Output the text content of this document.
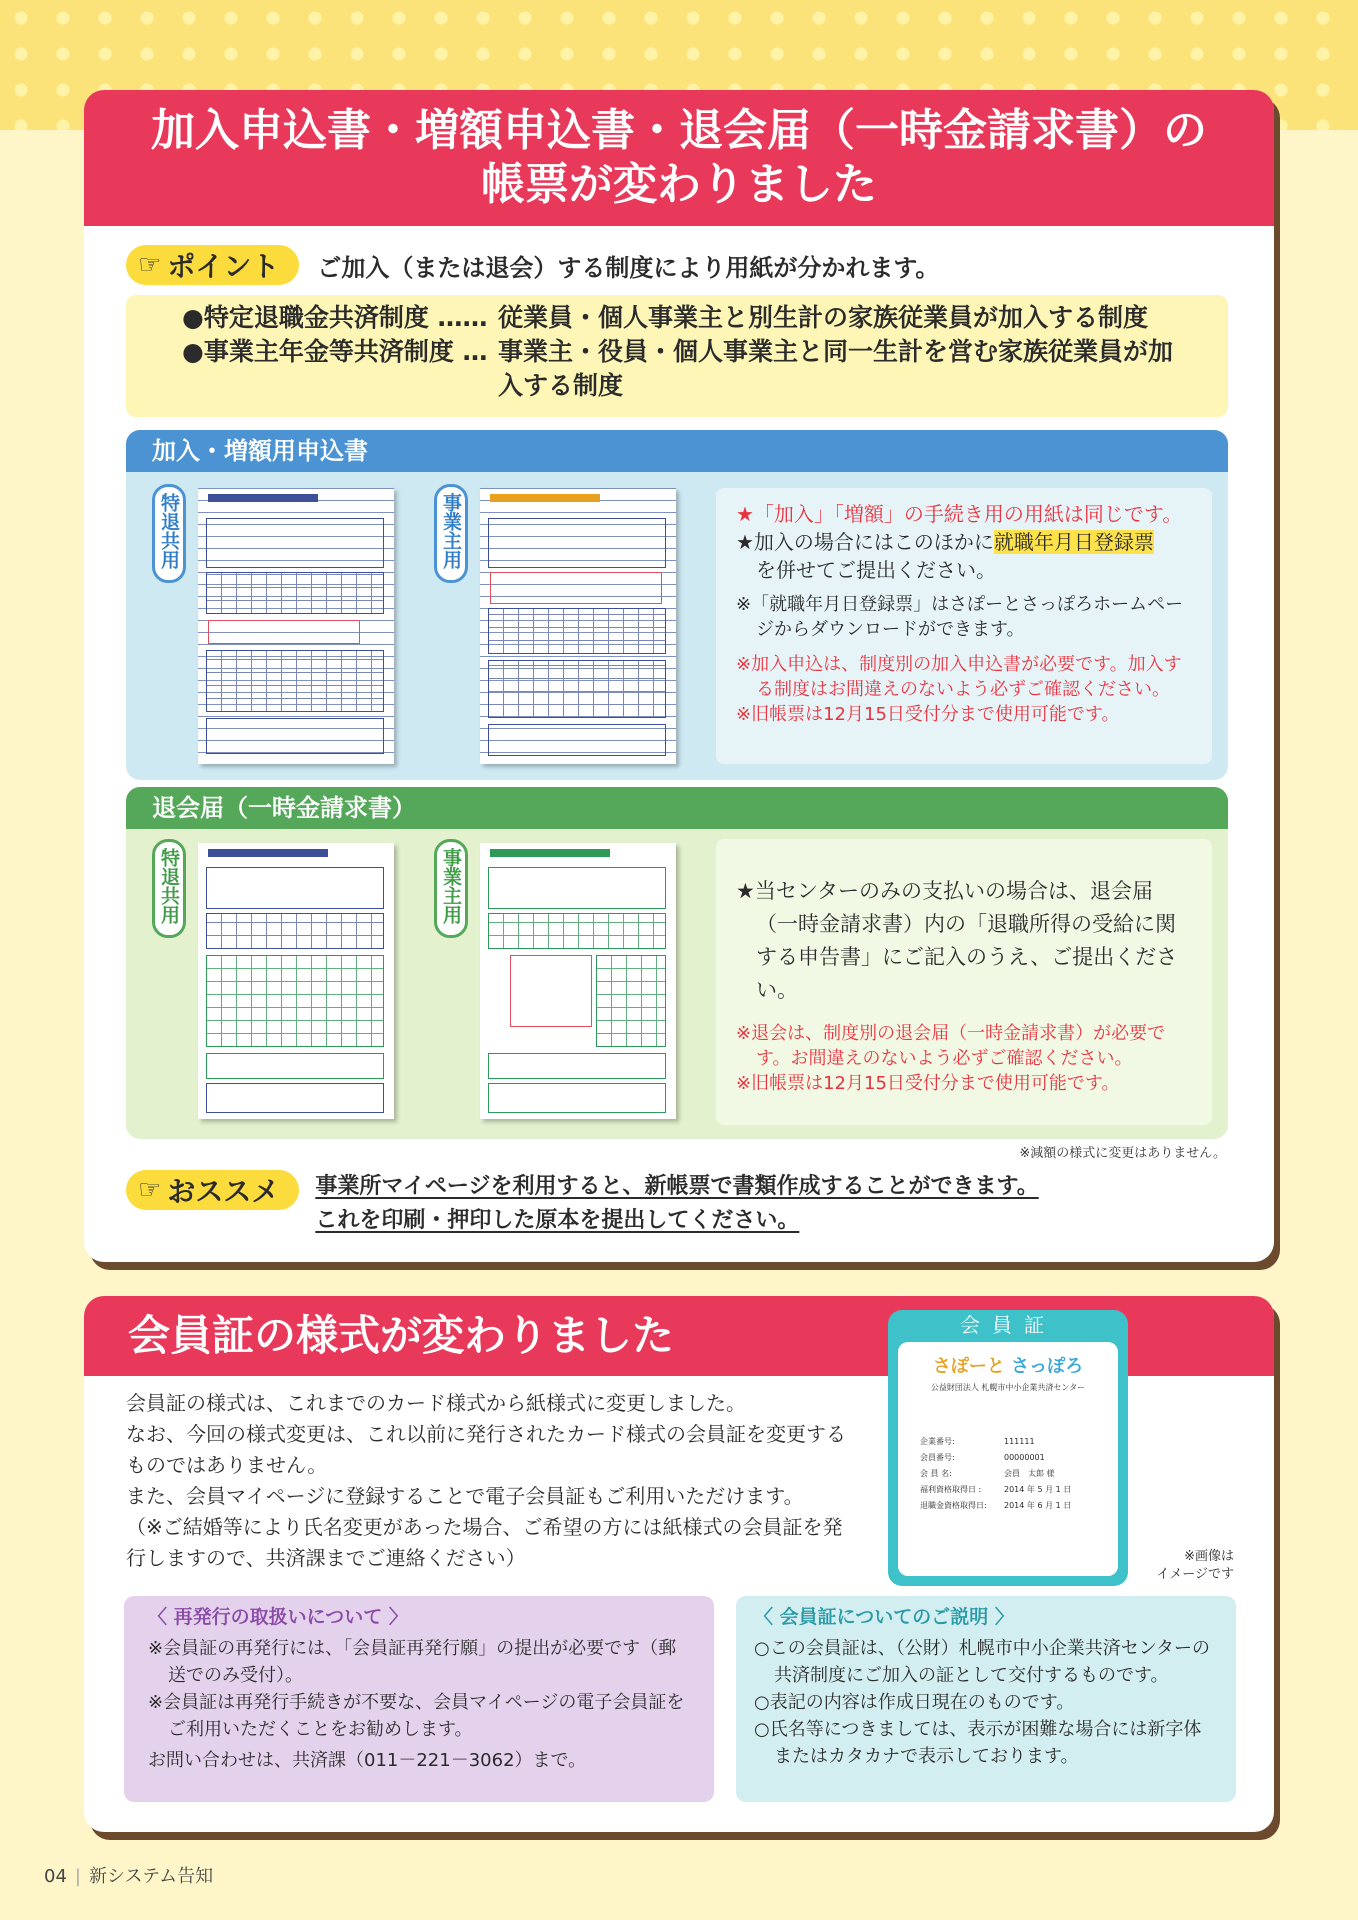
加入申込書・増額申込書・退会届（一時金請求書）の
帳票が変わりました
☞ ポイント ご加入（または退会）する制度により用紙が分かれます。
●特定退職金共済制度 …… 従業員・個人事業主と別生計の家族従業員が加入する制度
●事業主年金等共済制度 … 事業主・役員・個人事業主と同一生計を営む家族従業員が加入する制度
加入・増額用申込書
特退共用	事業主用	★「加入」「増額」の手続き用の用紙は同じです。
★加入の場合にはこのほかに就職年月日登録票
を併せてご提出ください。
※「就職年月日登録票」はさぽーとさっぽろホームページからダウンロードができます。
※加入申込は、制度別の加入申込書が必要です。加入する制度はお間違えのないよう必ずご確認ください。
※旧帳票は12月15日受付分まで使用可能です。
退会届（一時金請求書）
特退共用	事業主用	★当センターのみの支払いの場合は、退会届（一時金請求書）内の「退職所得の受給に関する申告書」にご記入のうえ、ご提出ください。
※退会は、制度別の退会届（一時金請求書）が必要です。お間違えのないよう必ずご確認ください。
※旧帳票は12月15日受付分まで使用可能です。
※減額の様式に変更はありません。
☞ おススメ 事業所マイページを利用すると、新帳票で書類作成することができます。
これを印刷・押印した原本を提出してください。
会員証の様式が変わりました
会員証の様式は、これまでのカード様式から紙様式に変更しました。
なお、今回の様式変更は、これ以前に発行されたカード様式の会員証を変更するものではありません。
また、会員マイページに登録することで電子会員証もご利用いただけます。
（※ご結婚等により氏名変更があった場合、ご希望の方には紙様式の会員証を発行しますので、共済課までご連絡ください）
会員証
さぽーと さっぽろ
公益財団法人 札幌市中小企業共済センター
企業番号:	111111
会員番号:	00000001
会 員 名:	会員　太郎 様
福利資格取得日 :	2014 年 5 月 1 日
退職金資格取得日:	2014 年 6 月 1 日
※画像は
イメージです
〈 再発行の取扱いについて 〉
※会員証の再発行には、「会員証再発行願」の提出が必要です（郵送でのみ受付）。
※会員証は再発行手続きが不要な、会員マイページの電子会員証をご利用いただくことをお勧めします。
お問い合わせは、共済課（011－221－3062）まで。
〈 会員証についてのご説明 〉
○この会員証は、（公財）札幌市中小企業共済センターの共済制度にご加入の証として交付するものです。
○表記の内容は作成日現在のものです。
○氏名等につきましては、表示が困難な場合には新字体またはカタカナで表示しております。
04 | 新システム告知
